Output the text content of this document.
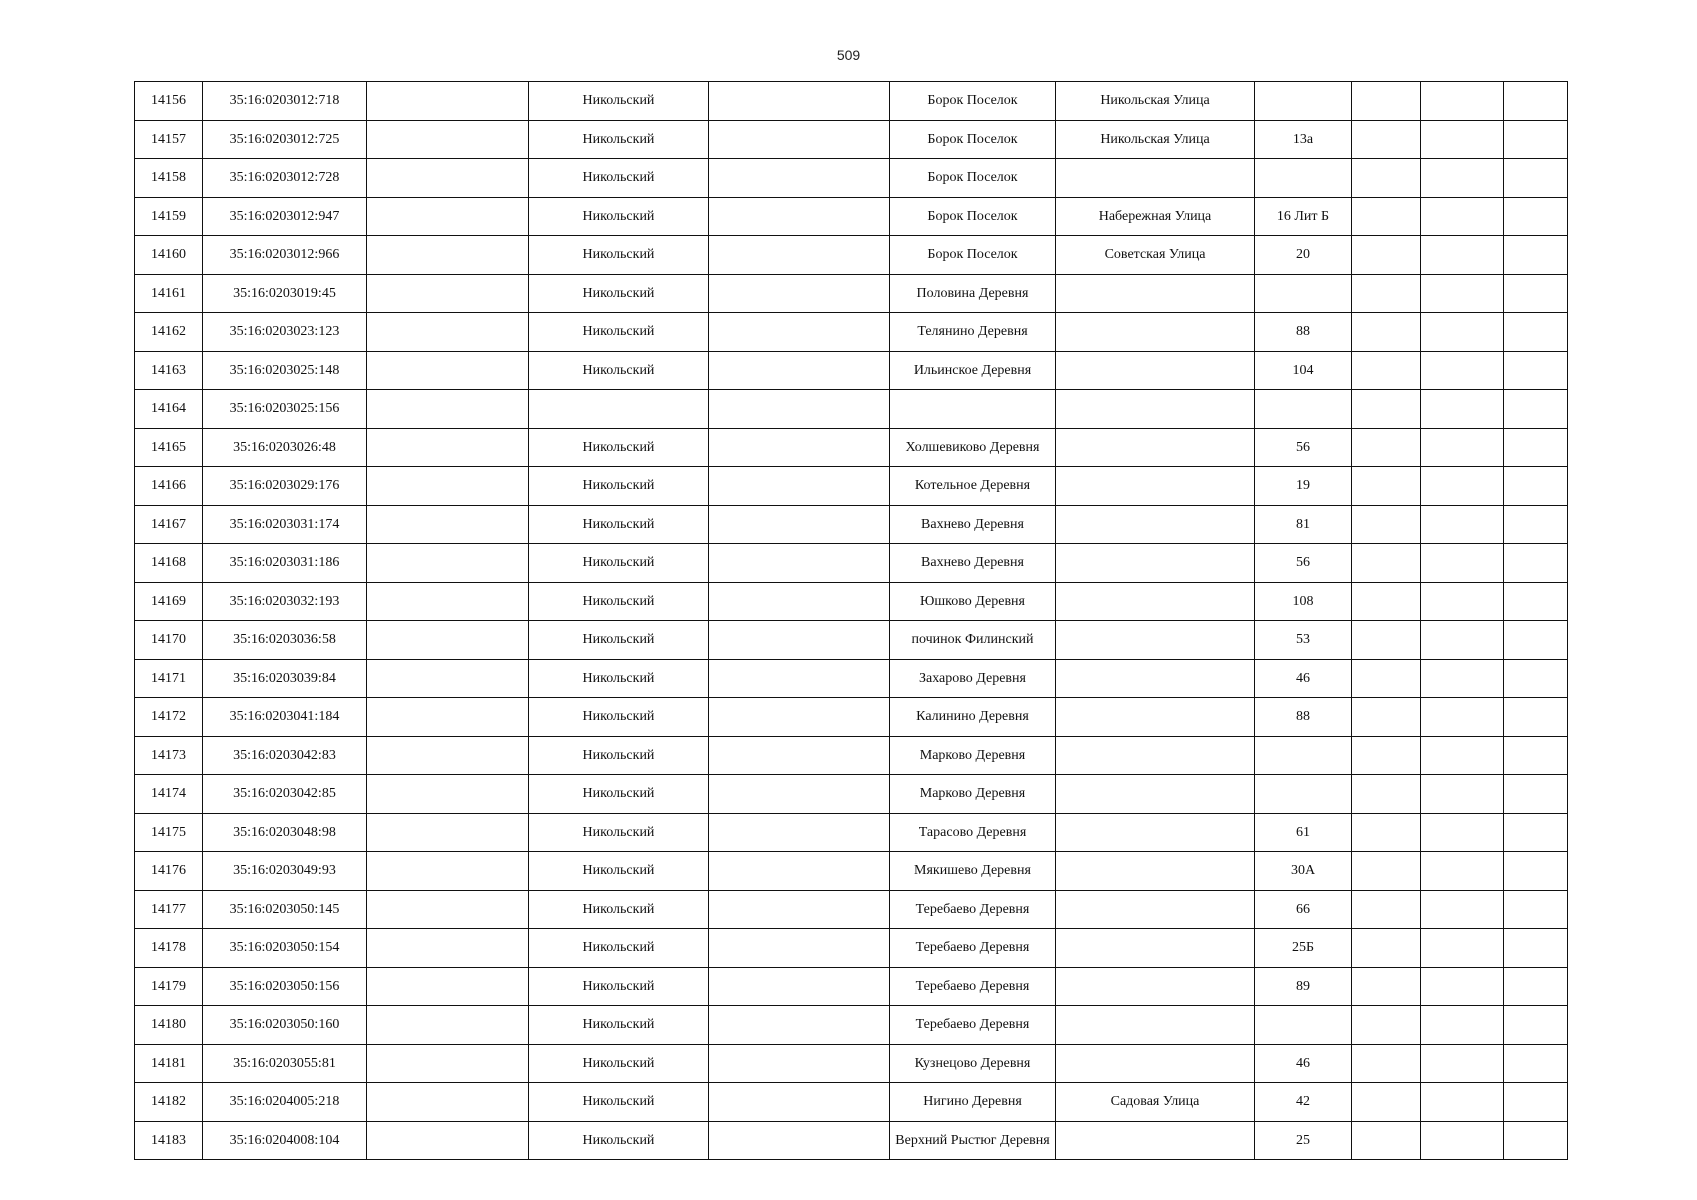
509
14156	35:16:0203012:718		Никольский		Борок Поселок	Никольская Улица				
14157	35:16:0203012:725		Никольский		Борок Поселок	Никольская Улица	13а			
14158	35:16:0203012:728		Никольский		Борок Поселок					
14159	35:16:0203012:947		Никольский		Борок Поселок	Набережная Улица	16 Лит Б			
14160	35:16:0203012:966		Никольский		Борок Поселок	Советская Улица	20			
14161	35:16:0203019:45		Никольский		Половина Деревня					
14162	35:16:0203023:123		Никольский		Телянино Деревня		88			
14163	35:16:0203025:148		Никольский		Ильинское Деревня		104			
14164	35:16:0203025:156									
14165	35:16:0203026:48		Никольский		Холшевиково Деревня		56			
14166	35:16:0203029:176		Никольский		Котельное Деревня		19			
14167	35:16:0203031:174		Никольский		Вахнево Деревня		81			
14168	35:16:0203031:186		Никольский		Вахнево Деревня		56			
14169	35:16:0203032:193		Никольский		Юшково Деревня		108			
14170	35:16:0203036:58		Никольский		починок Филинский		53			
14171	35:16:0203039:84		Никольский		Захарово Деревня		46			
14172	35:16:0203041:184		Никольский		Калинино Деревня		88			
14173	35:16:0203042:83		Никольский		Марково Деревня					
14174	35:16:0203042:85		Никольский		Марково Деревня					
14175	35:16:0203048:98		Никольский		Тарасово Деревня		61			
14176	35:16:0203049:93		Никольский		Мякишево Деревня		30А			
14177	35:16:0203050:145		Никольский		Теребаево Деревня		66			
14178	35:16:0203050:154		Никольский		Теребаево Деревня		25Б			
14179	35:16:0203050:156		Никольский		Теребаево Деревня		89			
14180	35:16:0203050:160		Никольский		Теребаево Деревня					
14181	35:16:0203055:81		Никольский		Кузнецово Деревня		46			
14182	35:16:0204005:218		Никольский		Нигино Деревня	Садовая Улица	42			
14183	35:16:0204008:104		Никольский		Верхний Рыстюг Деревня		25			
